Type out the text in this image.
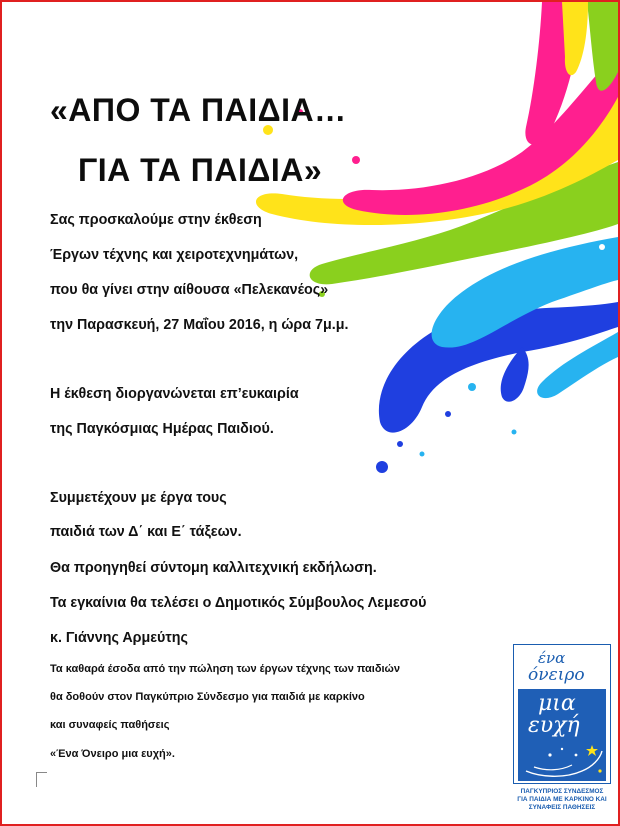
«ΑΠΟ ΤΑ ΠΑΙΔΙΑ…
ΓΙΑ ΤΑ ΠΑΙΔΙΑ»

Σας προσκαλούμε στην έκθεση

Έργων τέχνης και χειροτεχνημάτων,

που θα γίνει στην αίθουσα «Πελεκανέος»

την Παρασκευή, 27 Μαΐου 2016, η ώρα 7μ.μ.

Η έκθεση διοργανώνεται επ’ευκαιρία

της Παγκόσμιας Ημέρας Παιδιού.

Συμμετέχουν με έργα τους

παιδιά των Δ΄ και Ε΄ τάξεων.

Θα προηγηθεί σύντομη καλλιτεχνική εκδήλωση.

Τα εγκαίνια θα τελέσει ο Δημοτικός Σύμβουλος Λεμεσού

κ. Γιάννης Αρμεύτης

Τα καθαρά έσοδα από την πώληση των έργων τέχνης των παιδιών

θα δοθούν στον Παγκύπριο Σύνδεσμο για παιδιά με καρκίνο

και συναφείς παθήσεις

«Ένα Όνειρο μια ευχή».

ένα
όνειρο
μια
ευχή
ΠΑΓΚΥΠΡΙΟΣ ΣΥΝΔΕΣΜΟΣ
ΓΙΑ ΠΑΙΔΙΑ ΜΕ ΚΑΡΚΙΝΟ ΚΑΙ
ΣΥΝΑΦΕΙΣ ΠΑΘΗΣΕΙΣ
